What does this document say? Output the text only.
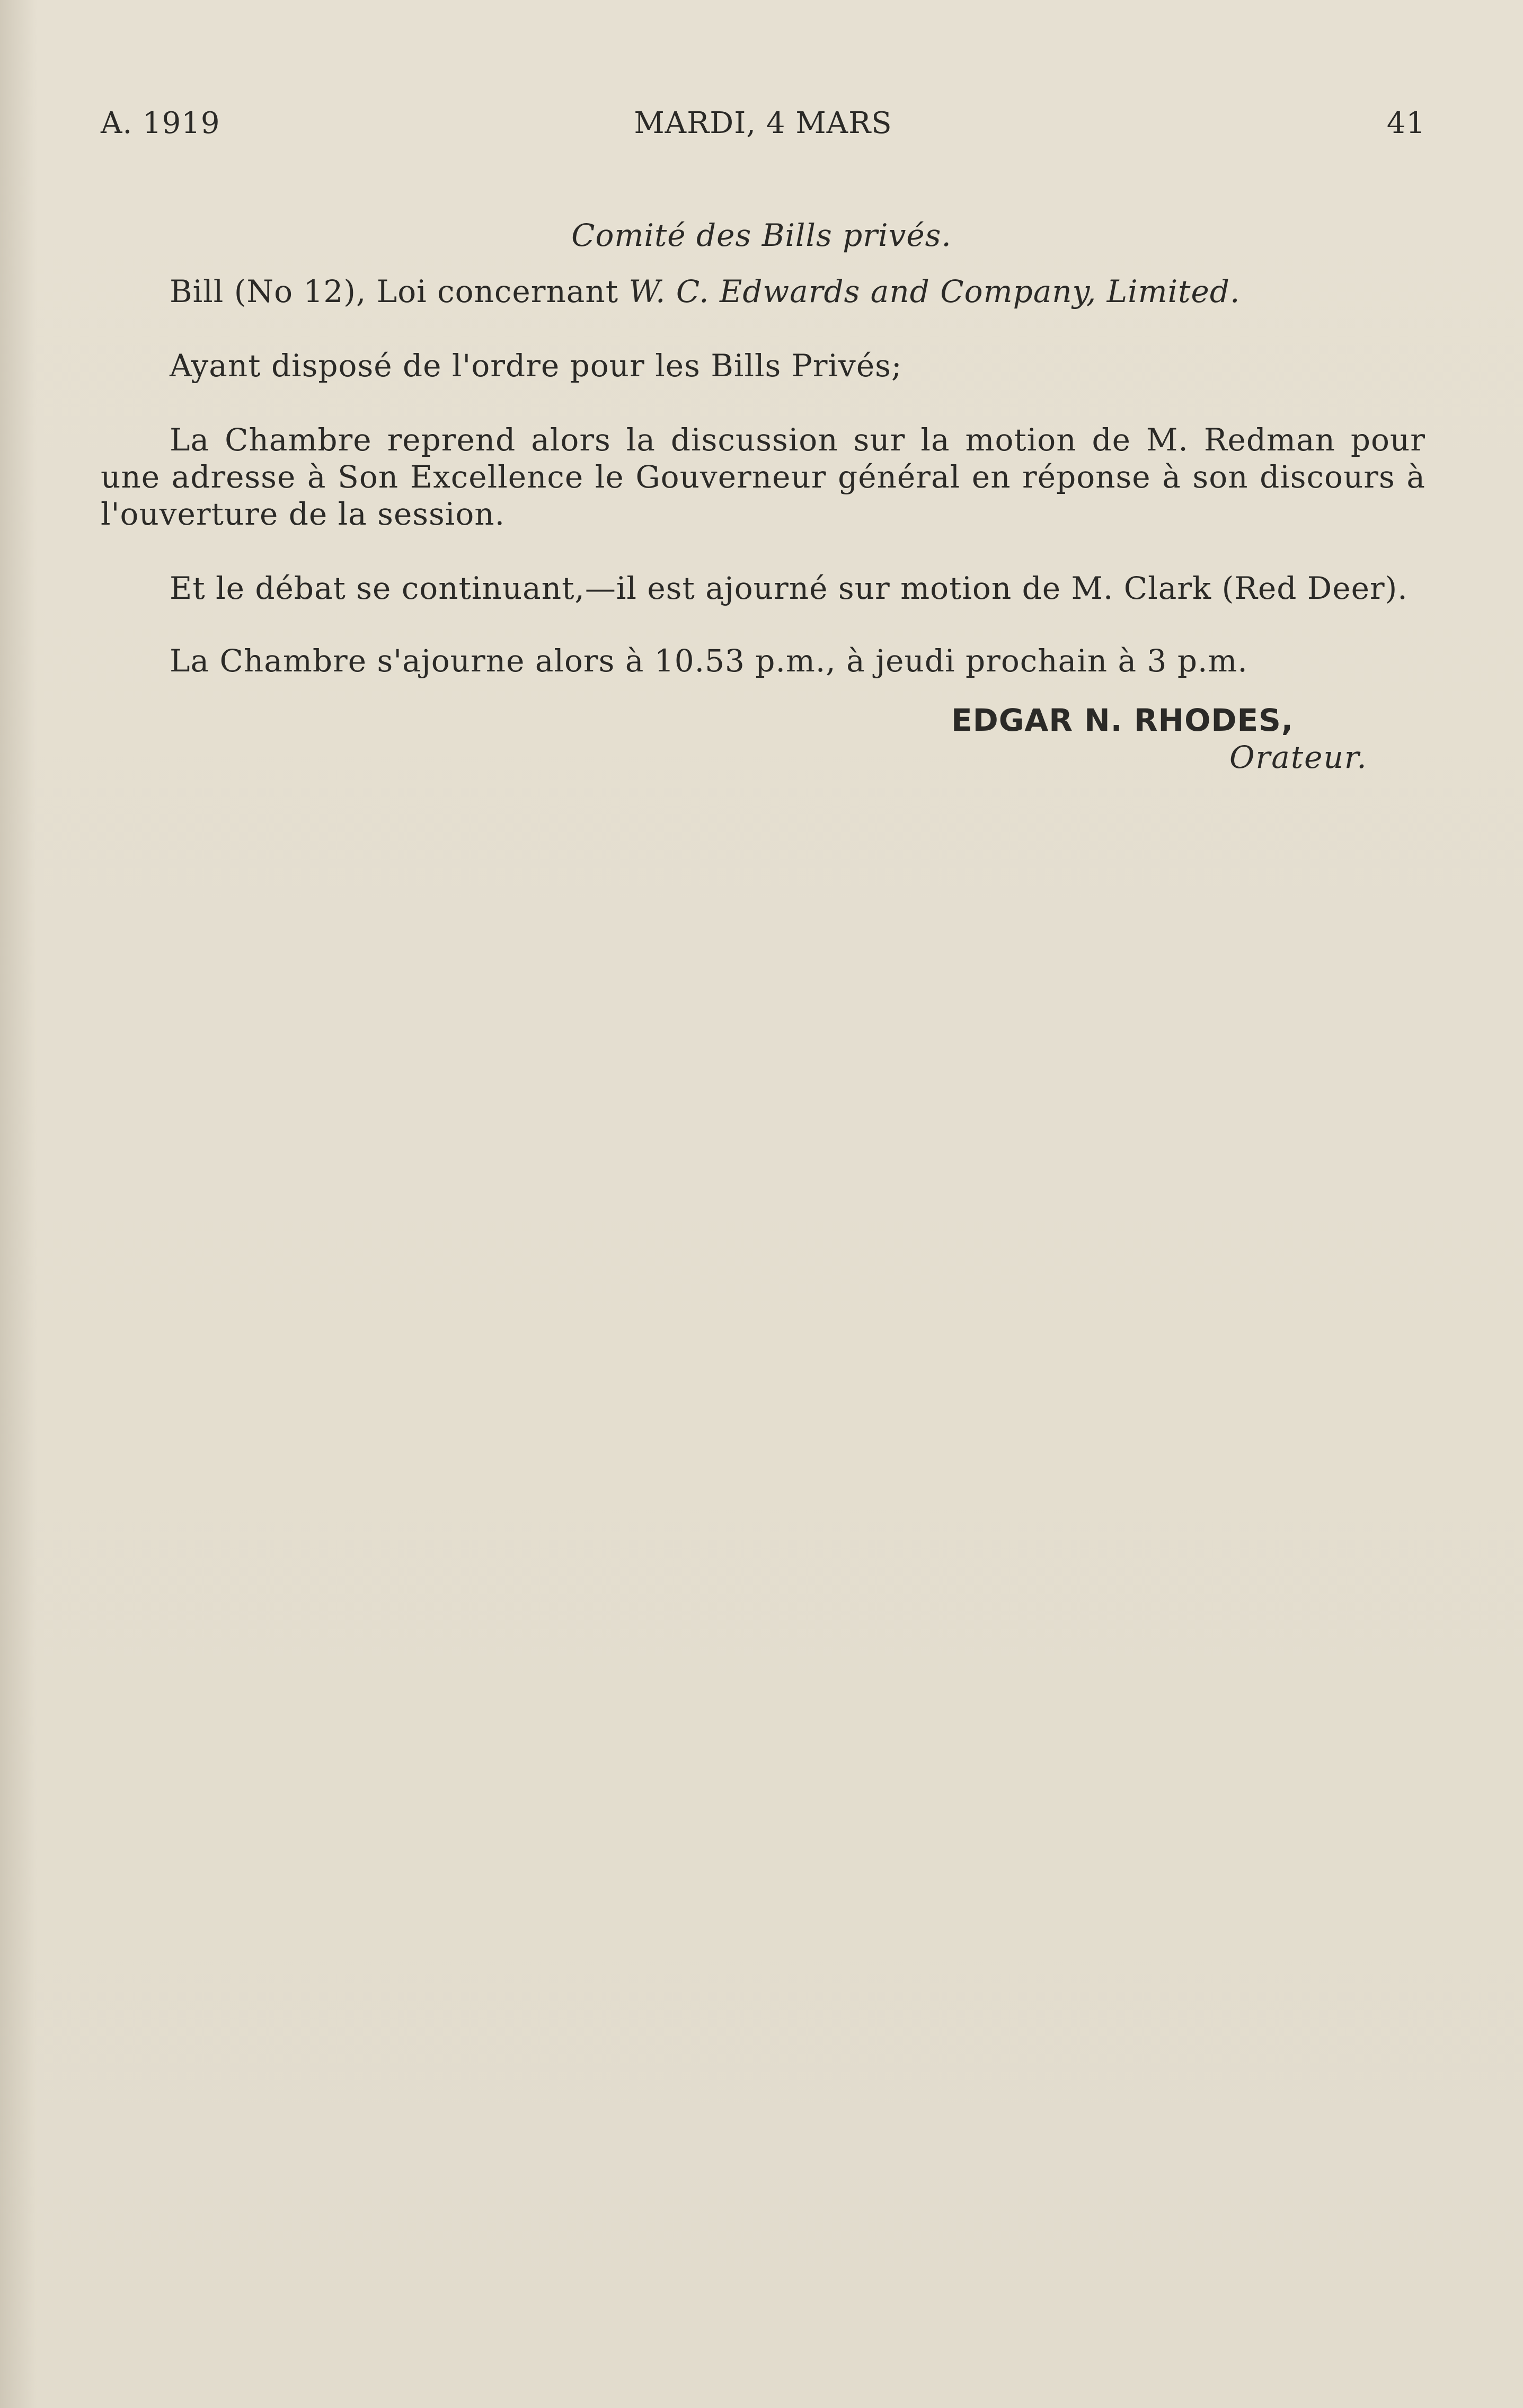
A. 1919	MARDI, 4 MARS	41
Comité des Bills privés.
Bill (No 12), Loi concernant W. C. Edwards and Company, Limited.
Ayant disposé de l'ordre pour les Bills Privés;
La Chambre reprend alors la discussion sur la motion de M. Redman pour une adresse à Son Excellence le Gouverneur général en réponse à son discours à l'ouverture de la session.
Et le débat se continuant,—il est ajourné sur motion de M. Clark (Red Deer).
La Chambre s'ajourne alors à 10.53 p.m., à jeudi prochain à 3 p.m.
EDGAR N. RHODES,
Orateur.
